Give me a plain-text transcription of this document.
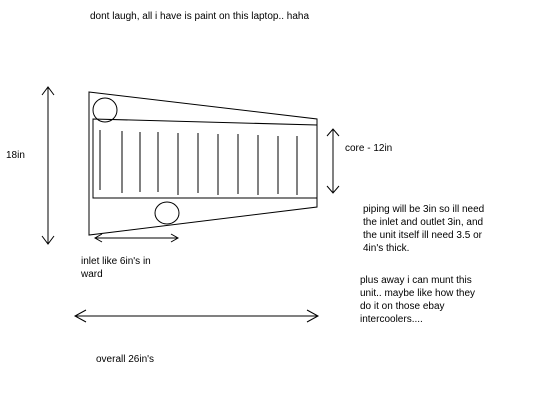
dont laugh, all i have is paint on this laptop.. haha
18in
core - 12in
inlet like 6in's in
ward
piping will be 3in so ill need
the inlet and outlet 3in, and
the unit itself ill need 3.5 or
4in's thick.
plus away i can munt this
unit.. maybe like how they
do it on those ebay
intercoolers....
overall 26in's
